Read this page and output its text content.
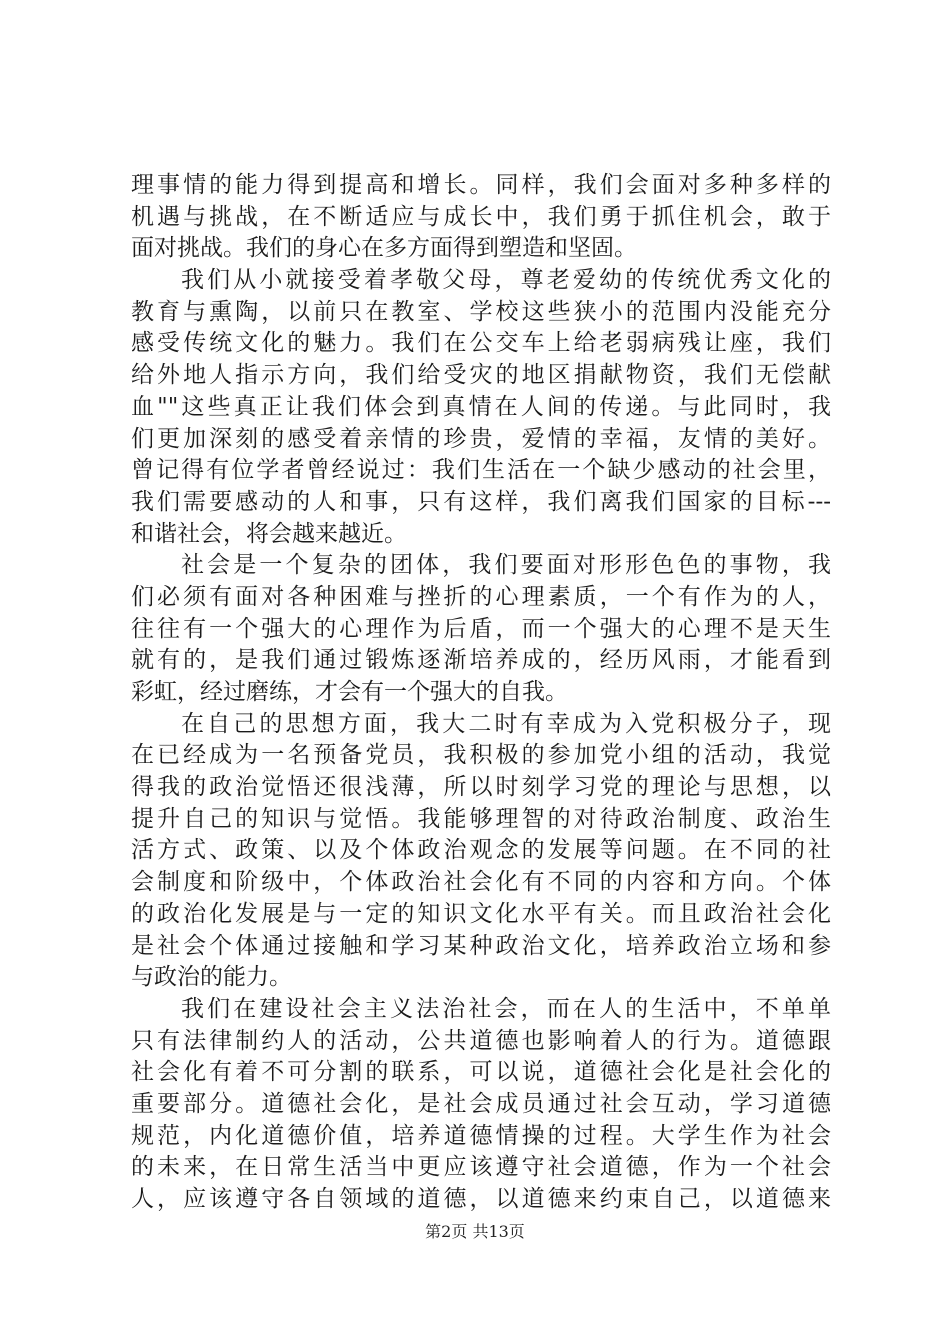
理事情的能力得到提高和增长。同样，我们会面对多种多样的
机遇与挑战，在不断适应与成长中，我们勇于抓住机会，敢于
面对挑战。我们的身心在多方面得到塑造和坚固。
我们从小就接受着孝敬父母，尊老爱幼的传统优秀文化的
教育与熏陶，以前只在教室、学校这些狭小的范围内没能充分
感受传统文化的魅力。我们在公交车上给老弱病残让座，我们
给外地人指示方向，我们给受灾的地区捐献物资，我们无偿献
血""这些真正让我们体会到真情在人间的传递。与此同时，我
们更加深刻的感受着亲情的珍贵，爱情的幸福，友情的美好。
曾记得有位学者曾经说过：我们生活在一个缺少感动的社会里，
我们需要感动的人和事，只有这样，我们离我们国家的目标---
和谐社会，将会越来越近。
社会是一个复杂的团体，我们要面对形形色色的事物，我
们必须有面对各种困难与挫折的心理素质，一个有作为的人，
往往有一个强大的心理作为后盾，而一个强大的心理不是天生
就有的，是我们通过锻炼逐渐培养成的，经历风雨，才能看到
彩虹，经过磨练，才会有一个强大的自我。
在自己的思想方面，我大二时有幸成为入党积极分子，现
在已经成为一名预备党员，我积极的参加党小组的活动，我觉
得我的政治觉悟还很浅薄，所以时刻学习党的理论与思想，以
提升自己的知识与觉悟。我能够理智的对待政治制度、政治生
活方式、政策、以及个体政治观念的发展等问题。在不同的社
会制度和阶级中，个体政治社会化有不同的内容和方向。个体
的政治化发展是与一定的知识文化水平有关。而且政治社会化
是社会个体通过接触和学习某种政治文化，培养政治立场和参
与政治的能力。
我们在建设社会主义法治社会，而在人的生活中，不单单
只有法律制约人的活动，公共道德也影响着人的行为。道德跟
社会化有着不可分割的联系，可以说，道德社会化是社会化的
重要部分。道德社会化，是社会成员通过社会互动，学习道德
规范，内化道德价值，培养道德情操的过程。大学生作为社会
的未来，在日常生活当中更应该遵守社会道德，作为一个社会
人，应该遵守各自领域的道德，以道德来约束自己，以道德来
第2页 共13页
